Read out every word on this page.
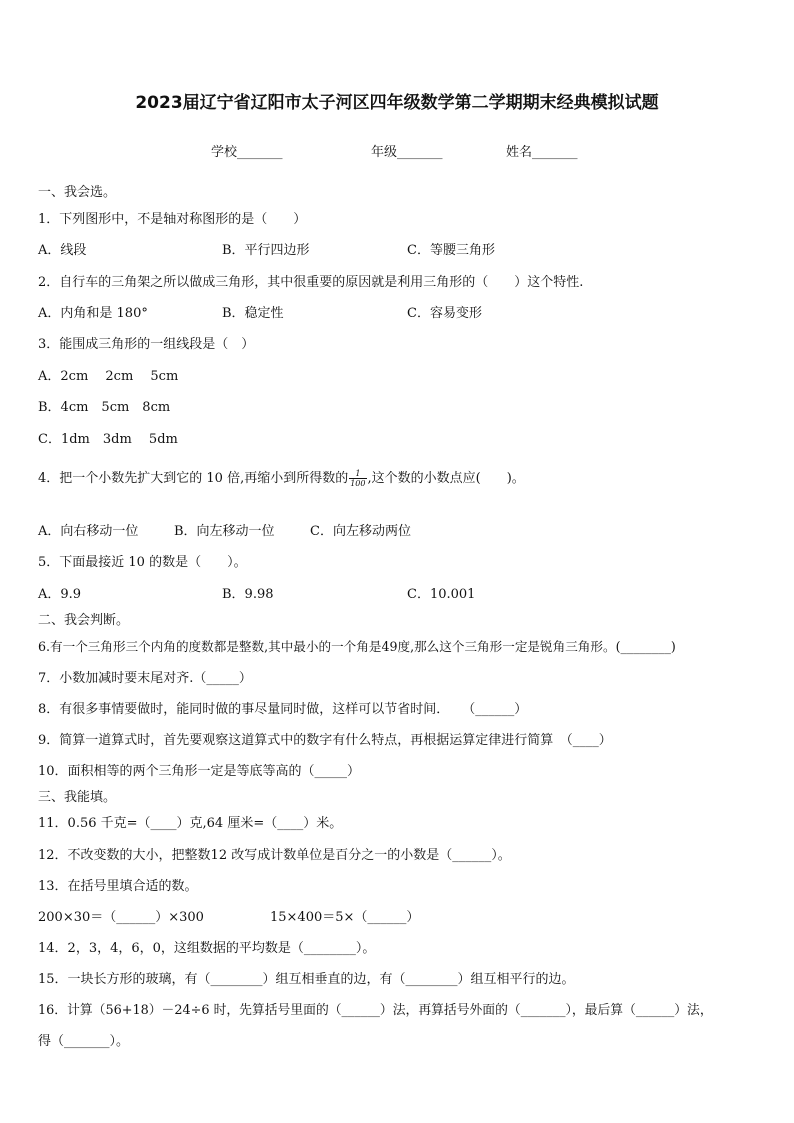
2023届辽宁省辽阳市太子河区四年级数学第二学期期末经典模拟试题
学校_______	年级_______	姓名_______
一、我会选。
1．下列图形中，不是轴对称图形的是（　　）
A．线段	B．平行四边形	C．等腰三角形
2．自行车的三角架之所以做成三角形，其中很重要的原因就是利用三角形的（　　）这个特性.
A．内角和是 180°	B．稳定性	C．容易变形
3．能围成三角形的一组线段是（　）
A．2cm　 2cm　 5cm
B．4cm　5cm　8cm
C．1dm　3dm　 5dm
4．把一个小数先扩大到它的 10 倍,再缩小到所得数的 $\frac{1}{100}$ ,这个数的小数点应(　　)。
A．向右移动一位	B．向左移动一位	C．向左移动两位
5．下面最接近 10 的数是（　　）。
A．9.9	B．9.98	C．10.001
二、我会判断。
6.有一个三角形三个内角的度数都是整数,其中最小的一个角是49度,那么这个三角形一定是锐角三角形。(________)
7．小数加减时要末尾对齐.（_____）
8．有很多事情要做时，能同时做的事尽量同时做，这样可以节省时间．　　（______）
9．简算一道算式时，首先要观察这道算式中的数字有什么特点，再根据运算定律进行简算　（____）
10．面积相等的两个三角形一定是等底等高的（_____）
三、我能填。
11．0.56 千克=（____）克,64 厘米=（____）米。
12．不改变数的大小，把整数12 改写成计数单位是百分之一的小数是（______）。
13．在括号里填合适的数。
200×30＝（______）×300	15×400＝5×（______）
14．2，3，4，6，0，这组数据的平均数是（________）。
15．一块长方形的玻璃，有（________）组互相垂直的边，有（________）组互相平行的边。
16．计算（56+18）－24÷6 时，先算括号里面的（______）法，再算括号外面的（_______），最后算（______）法，
得（_______）。
